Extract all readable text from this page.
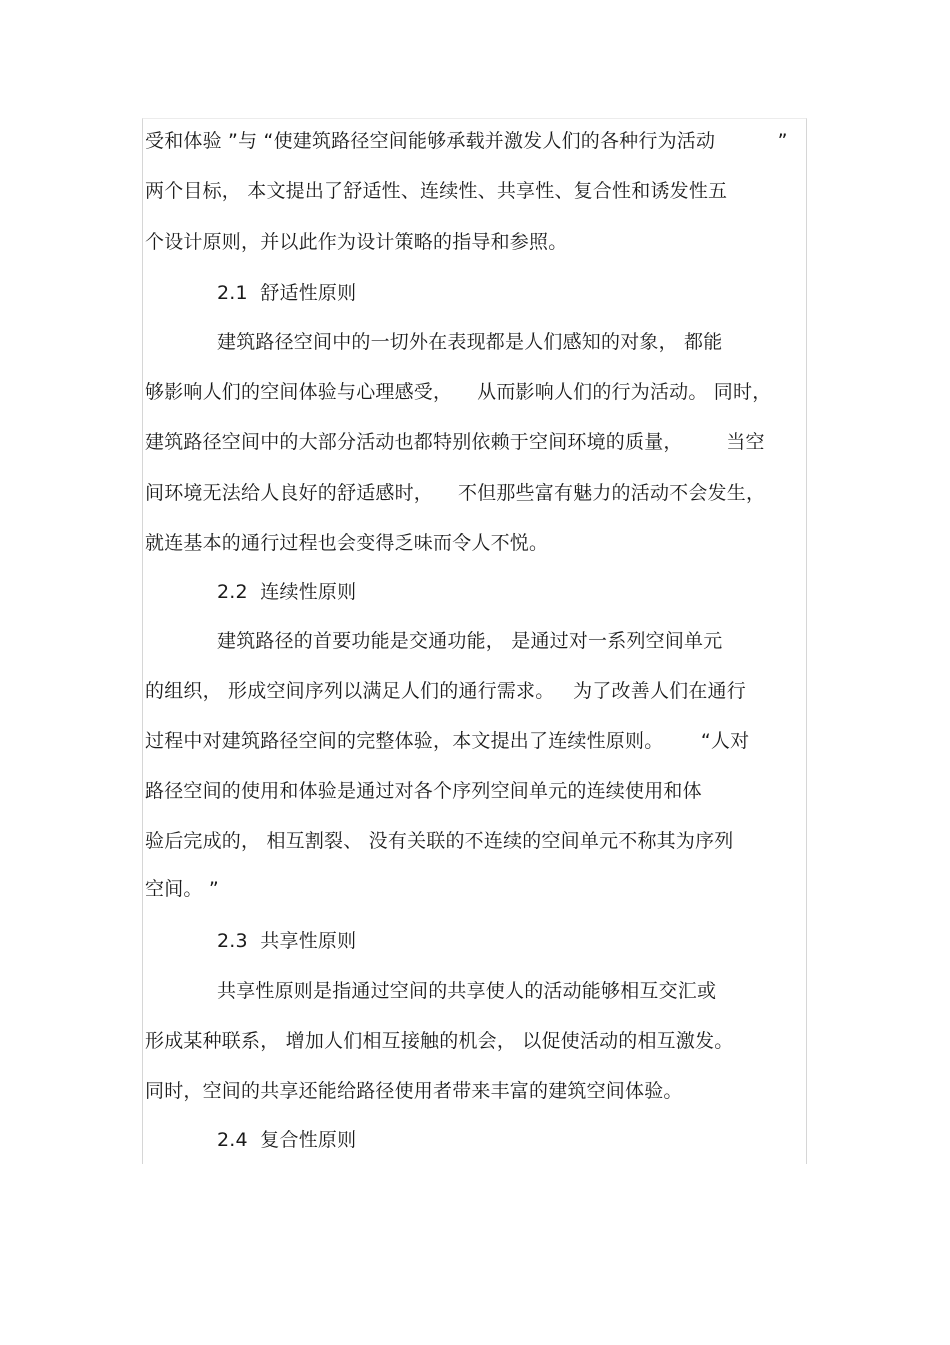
受和体验 ”与 “使建筑路径空间能够承载并激发人们的各种行为活动          ”
两个目标， 本文提出了舒适性、连续性、共享性、复合性和诱发性五
个设计原则，并以此作为设计策略的指导和参照。
2.1  舒适性原则
建筑路径空间中的一切外在表现都是人们感知的对象， 都能
够影响人们的空间体验与心理感受，    从而影响人们的行为活动。 同时，
建筑路径空间中的大部分活动也都特别依赖于空间环境的质量，       当空
间环境无法给人良好的舒适感时，    不但那些富有魅力的活动不会发生，
就连基本的通行过程也会变得乏味而令人不悦。
2.2  连续性原则
建筑路径的首要功能是交通功能， 是通过对一系列空间单元
的组织， 形成空间序列以满足人们的通行需求。   为了改善人们在通行
过程中对建筑路径空间的完整体验，本文提出了连续性原则。      “人对
路径空间的使用和体验是通过对各个序列空间单元的连续使用和体
验后完成的， 相互割裂、 没有关联的不连续的空间单元不称其为序列
空间。 ”
2.3  共享性原则
共享性原则是指通过空间的共享使人的活动能够相互交汇或
形成某种联系， 增加人们相互接触的机会， 以促使活动的相互激发。
同时，空间的共享还能给路径使用者带来丰富的建筑空间体验。
2.4  复合性原则
